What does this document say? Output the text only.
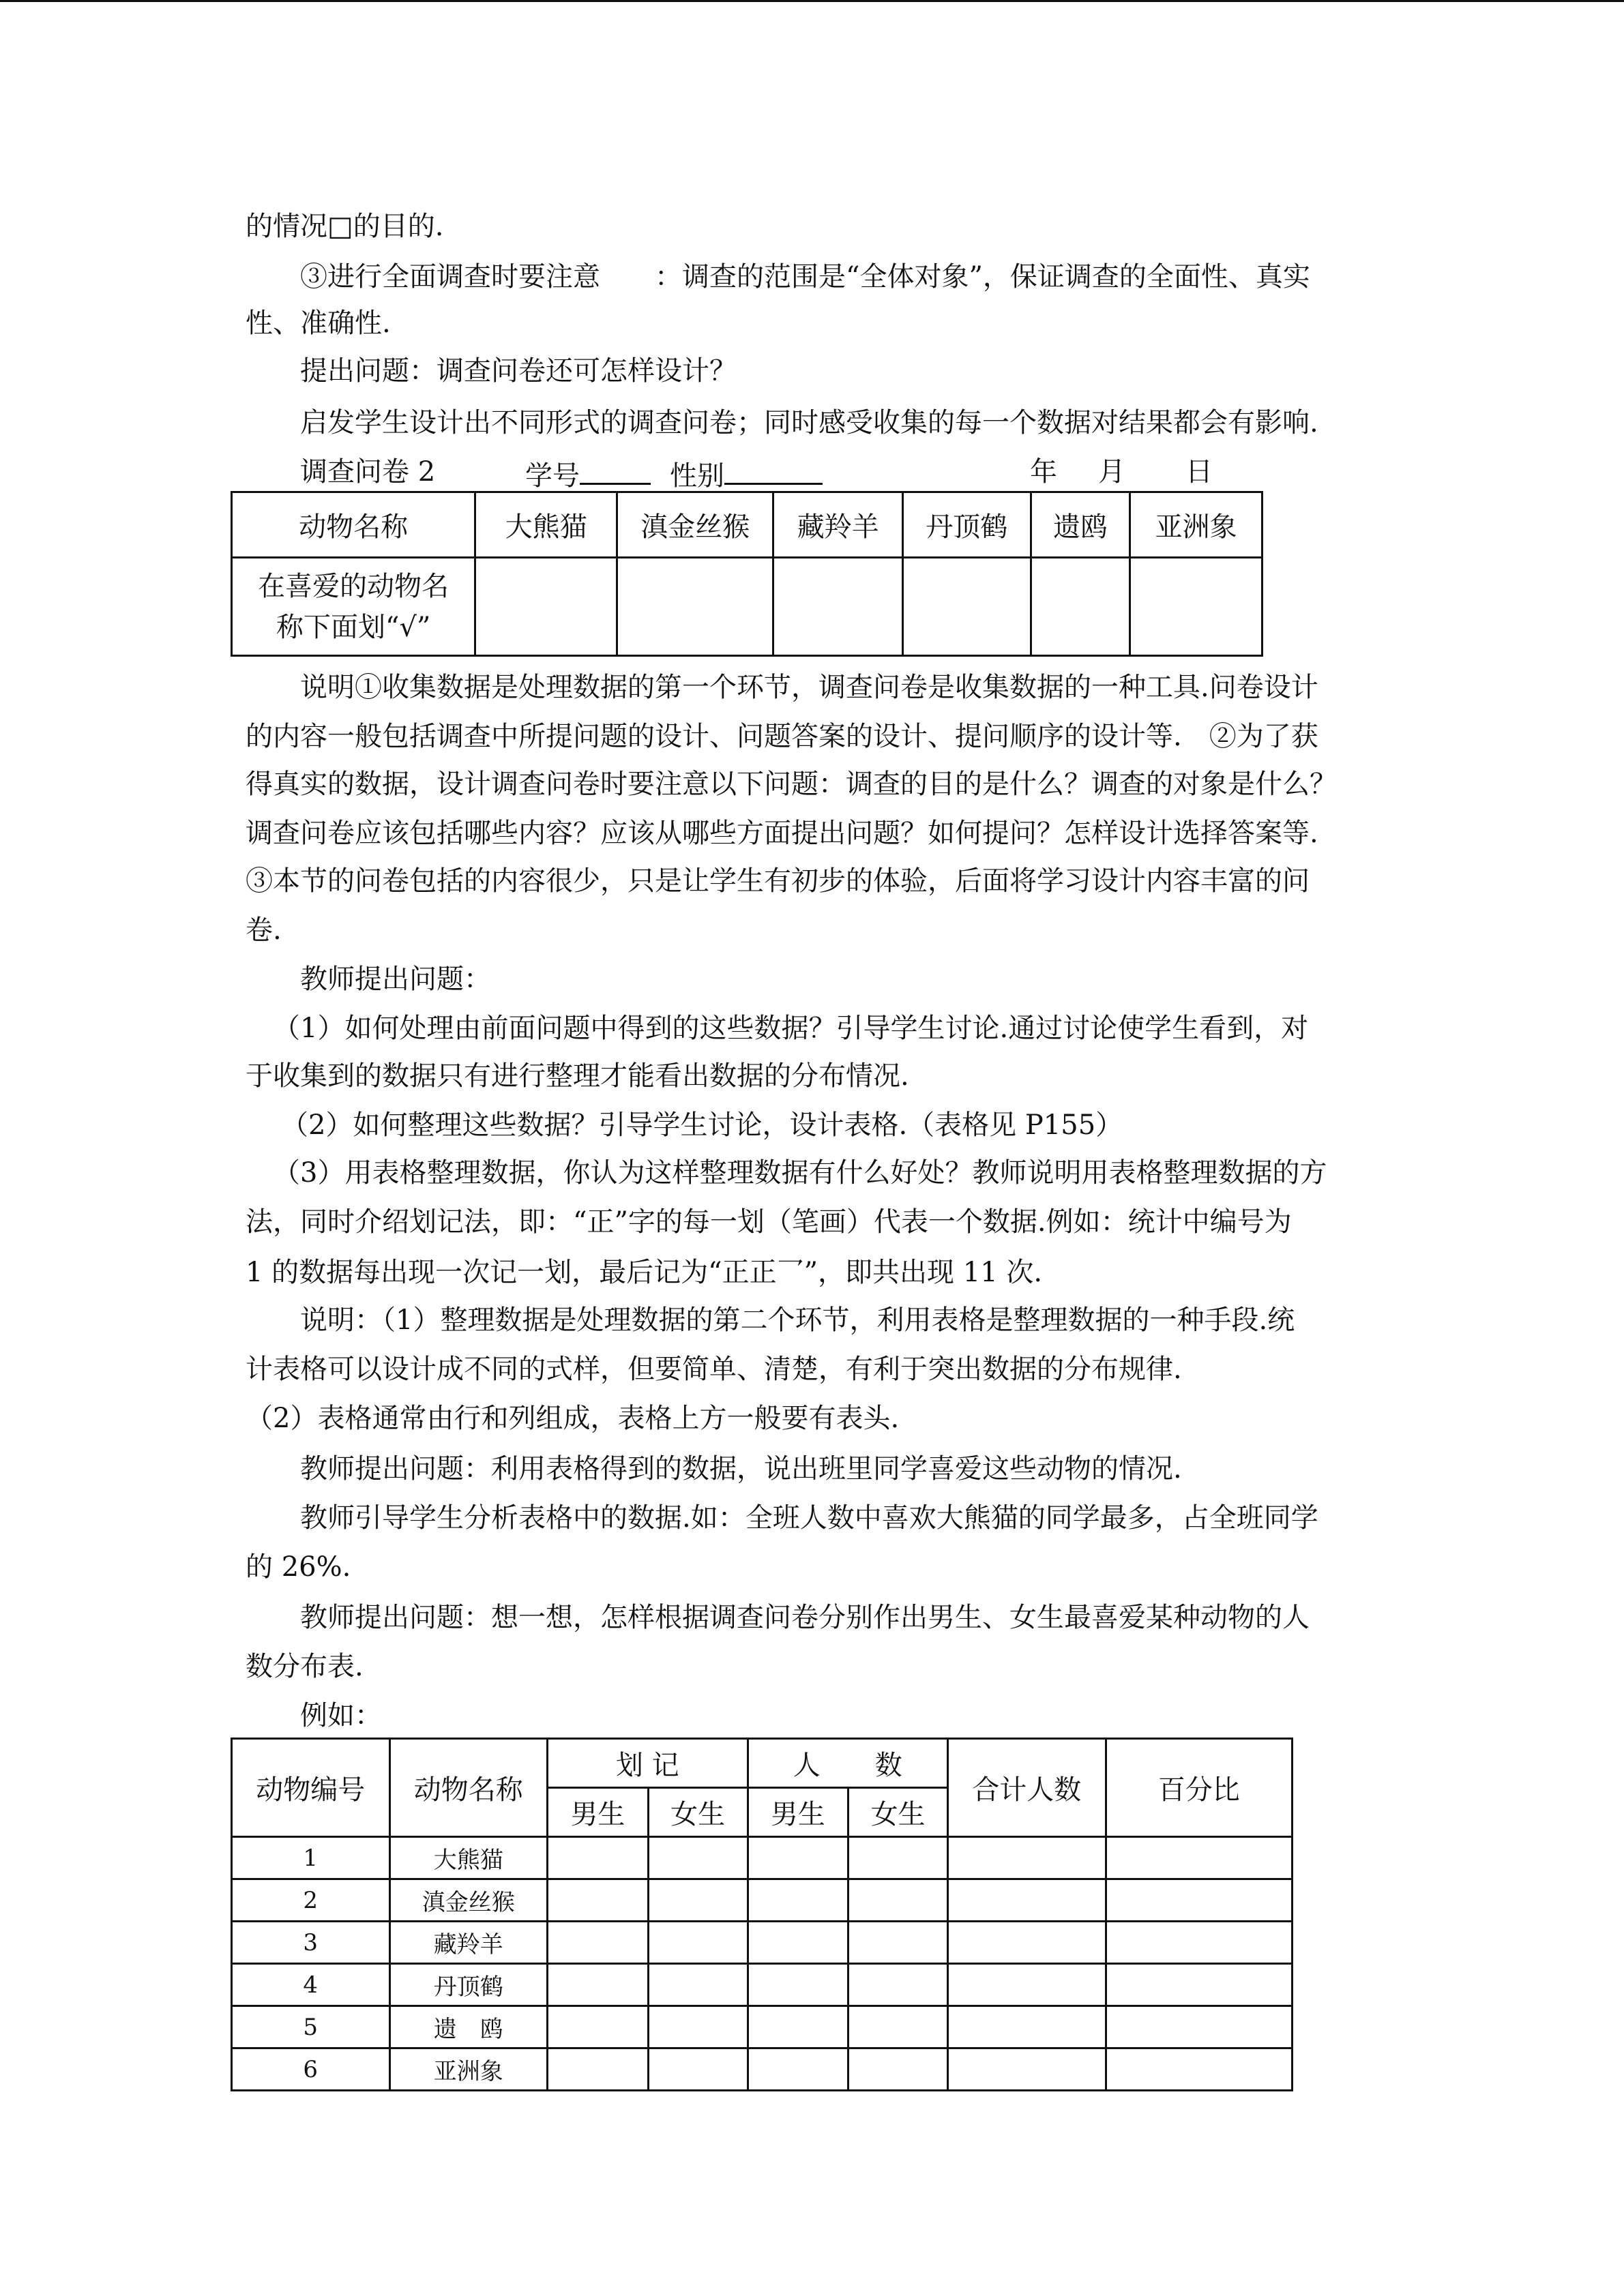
的情况□的目的.
③进行全面调查时要注意　　：调查的范围是“全体对象”，保证调查的全面性、真实
性、准确性.
提出问题：调查问卷还可怎样设计？
启发学生设计出不同形式的调查问卷；同时感受收集的每一个数据对结果都会有影响.
调查问卷 2	学号	性别	年 月 日
动物名称	大熊猫	滇金丝猴	藏羚羊	丹顶鹤	遗鸥	亚洲象

在喜爱的动物名
称下面划“√”						

说明①收集数据是处理数据的第一个环节，调查问卷是收集数据的一种工具.问卷设计
的内容一般包括调查中所提问题的设计、问题答案的设计、提问顺序的设计等.　②为了获
得真实的数据，设计调查问卷时要注意以下问题：调查的目的是什么？调查的对象是什么？
调查问卷应该包括哪些内容？应该从哪些方面提出问题？如何提问？怎样设计选择答案等.
③本节的问卷包括的内容很少，只是让学生有初步的体验，后面将学习设计内容丰富的问
卷.
教师提出问题：
（1）如何处理由前面问题中得到的这些数据？引导学生讨论.通过讨论使学生看到，对
于收集到的数据只有进行整理才能看出数据的分布情况.
（2）如何整理这些数据？引导学生讨论，设计表格.（表格见 P155）
（3）用表格整理数据，你认为这样整理数据有什么好处？教师说明用表格整理数据的方
法，同时介绍划记法，即：“正”字的每一划（笔画）代表一个数据.例如：统计中编号为
1 的数据每出现一次记一划，最后记为“正正乛”，即共出现 11 次.
说明：（1）整理数据是处理数据的第二个环节，利用表格是整理数据的一种手段.统
计表格可以设计成不同的式样，但要简单、清楚，有利于突出数据的分布规律.
（2）表格通常由行和列组成，表格上方一般要有表头.
教师提出问题：利用表格得到的数据，说出班里同学喜爱这些动物的情况.
教师引导学生分析表格中的数据.如：全班人数中喜欢大熊猫的同学最多，占全班同学
的 26%.
教师提出问题：想一想，怎样根据调查问卷分别作出男生、女生最喜爱某种动物的人
数分布表.
例如：
动物编号	动物名称	划 记		人　　数		合计人数	百分比
		男生	女生	男生	女生		
1	大熊猫						
2	滇金丝猴						
3	藏羚羊						
4	丹顶鹤						
5	遗　鸥						
6	亚洲象						
